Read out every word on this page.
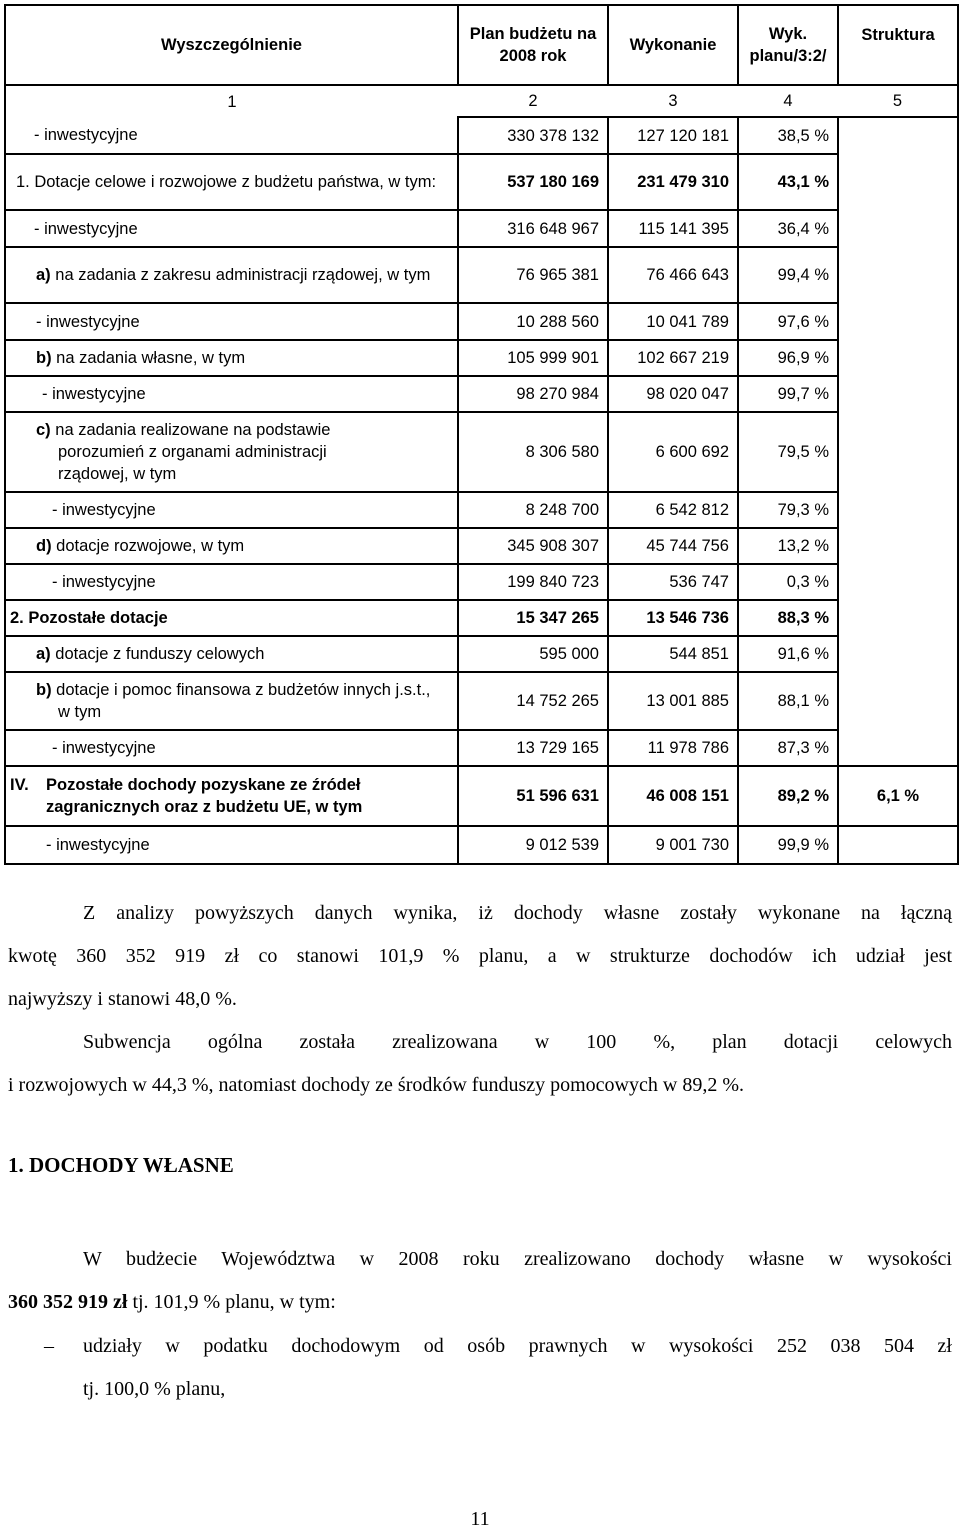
Wyszczególnienie	Plan budżetu na 2008 rok	Wykonanie	Wyk. planu/3:2/	Struktura
1	2	3	4	5
- inwestycyjne	330 378 132	127 120 181	38,5 %	

1. Dotacje celowe i rozwojowe z budżetu państwa, w tym:	537 180 169	231 479 310	43,1 %	
- inwestycyjne	316 648 967	115 141 395	36,4 %	

a) na zadania z zakresu administracji rządowej, w tym	76 965 381	76 466 643	99,4 %	
- inwestycyjne	10 288 560	10 041 789	97,6 %	
b) na zadania własne, w tym	105 999 901	102 667 219	96,9 %	
- inwestycyjne	98 270 984	98 020 047	99,7 %	

c) na zadania realizowane na podstawie porozumień z organami administracji rządowej, w tym	8 306 580	6 600 692	79,5 %	
- inwestycyjne	8 248 700	6 542 812	79,3 %	
d) dotacje rozwojowe, w tym	345 908 307	45 744 756	13,2 %	
- inwestycyjne	199 840 723	536 747	0,3 %	
2. Pozostałe dotacje	15 347 265	13 546 736	88,3 %	
a) dotacje z funduszy celowych	595 000	544 851	91,6 %	

b) dotacje i pomoc finansowa z budżetów innych j.s.t., w tym	14 752 265	13 001 885	88,1 %	
- inwestycyjne	13 729 165	11 978 786	87,3 %	

IV. Pozostałe dochody pozyskane ze źródeł zagranicznych oraz z budżetu UE, w tym	51 596 631	46 008 151	89,2 %	6,1 %
- inwestycyjne	9 012 539	9 001 730	99,9 %	
Z analizy powyższych danych wynika, iż dochody własne zostały wykonane na łączną
kwotę 360 352 919 zł co stanowi 101,9 % planu, a w strukturze dochodów ich udział jest
najwyższy i stanowi 48,0 %.
Subwencja ogólna została zrealizowana w 100 %, plan dotacji celowych
i rozwojowych w 44,3 %, natomiast dochody ze środków funduszy pomocowych w 89,2 %.
1. DOCHODY WŁASNE
W budżecie Województwa w 2008 roku zrealizowano dochody własne w wysokości
360 352 919 zł tj. 101,9 % planu, w tym:
–	udziały w podatku dochodowym od osób prawnych w wysokości 252 038 504 zł
tj. 100,0 % planu,
11
